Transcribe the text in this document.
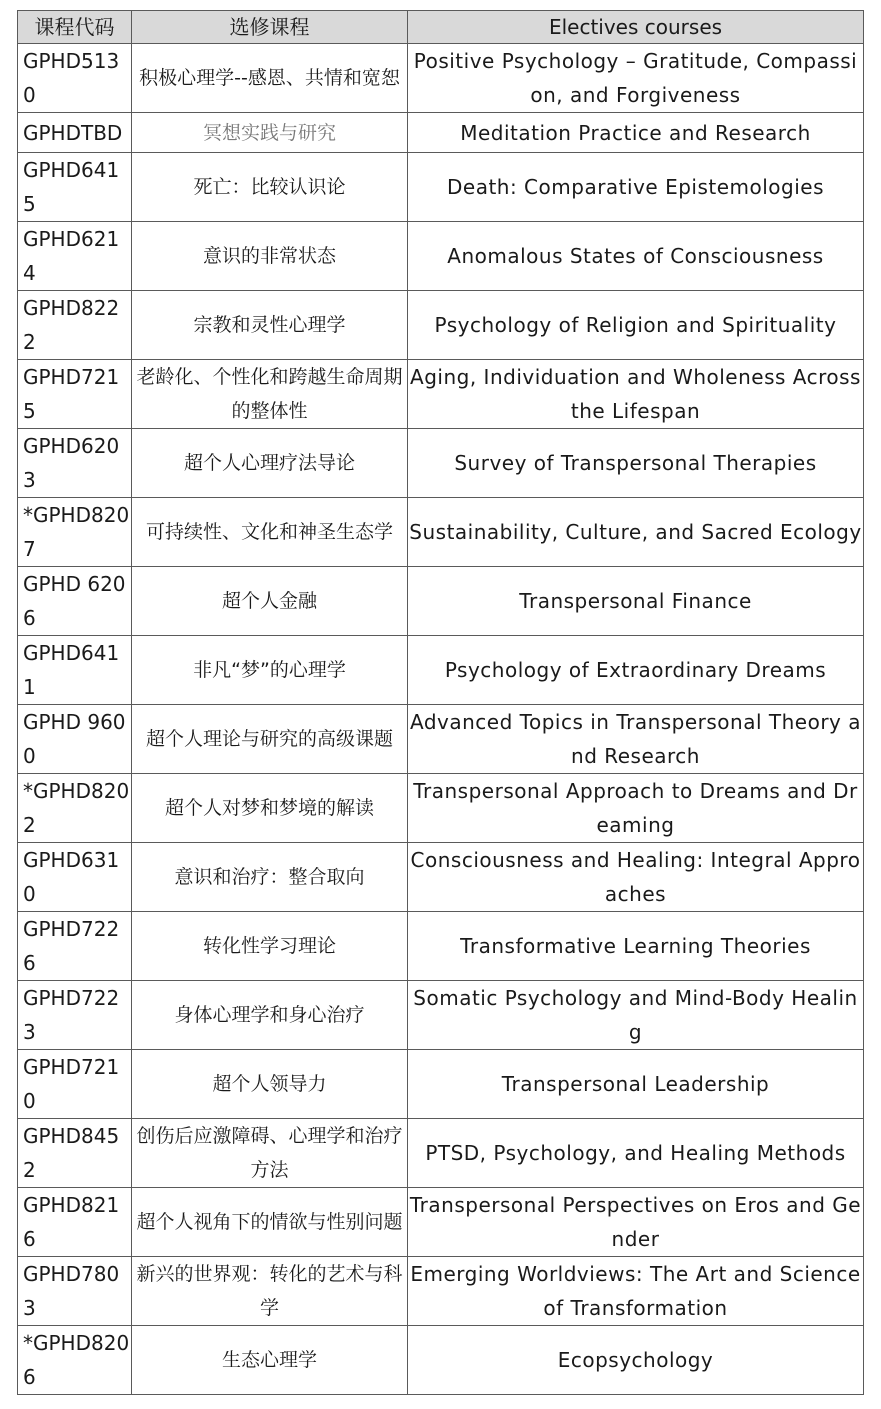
课程代码	选修课程	Electives courses
GPHD5130	积极心理学--感恩、共情和宽恕	Positive Psychology – Gratitude, Compassion, and Forgiveness
GPHDTBD	冥想实践与研究	Meditation Practice and Research
GPHD6415	死亡：比较认识论	Death: Comparative Epistemologies
GPHD6214	意识的非常状态	Anomalous States of Consciousness
GPHD8222	宗教和灵性心理学	Psychology of Religion and Spirituality
GPHD7215	老龄化、个性化和跨越生命周期的整体性	Aging, Individuation and Wholeness Across the Lifespan
GPHD6203	超个人心理疗法导论	Survey of Transpersonal Therapies
*GPHD8207	可持续性、文化和神圣生态学	Sustainability, Culture, and Sacred Ecology
GPHD 6206	超个人金融	Transpersonal Finance
GPHD6411	非凡“梦”的心理学	Psychology of Extraordinary Dreams
GPHD 9600	超个人理论与研究的高级课题	Advanced Topics in Transpersonal Theory and Research
*GPHD8202	超个人对梦和梦境的解读	Transpersonal Approach to Dreams and Dreaming
GPHD6310	意识和治疗：整合取向	Consciousness and Healing: Integral Approaches
GPHD7226	转化性学习理论	Transformative Learning Theories
GPHD7223	身体心理学和身心治疗	Somatic Psychology and Mind-Body Healing
GPHD7210	超个人领导力	Transpersonal Leadership
GPHD8452	创伤后应激障碍、心理学和治疗方法	PTSD, Psychology, and Healing Methods
GPHD8216	超个人视角下的情欲与性别问题	Transpersonal Perspectives on Eros and Gender
GPHD7803	新兴的世界观：转化的艺术与科学	Emerging Worldviews: The Art and Science of Transformation
*GPHD8206	生态心理学	Ecopsychology
